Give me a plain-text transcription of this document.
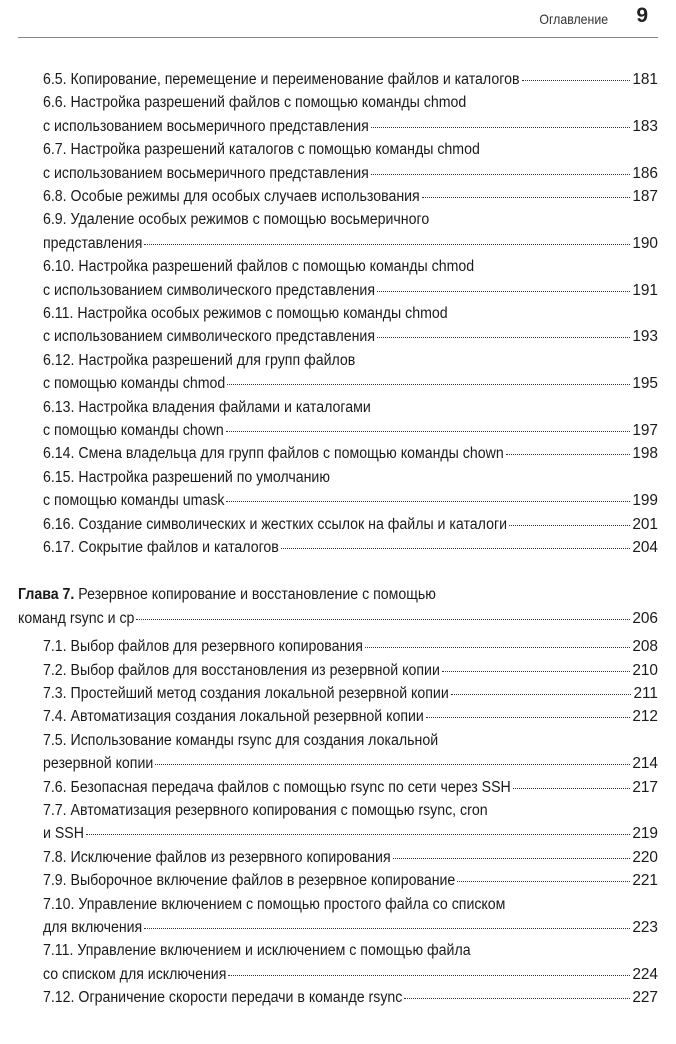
Оглавление 9
6.5. Копирование, перемещение и переименование файлов и каталогов	181
6.6. Настройка разрешений файлов с помощью команды chmod
с использованием восьмеричного представления	183
6.7. Настройка разрешений каталогов с помощью команды chmod
с использованием восьмеричного представления	186
6.8. Особые режимы для особых случаев использования	187
6.9. Удаление особых режимов с помощью восьмеричного
представления	190
6.10. Настройка разрешений файлов с помощью команды chmod
с использованием символического представления	191
6.11. Настройка особых режимов с помощью команды chmod
с использованием символического представления	193
6.12. Настройка разрешений для групп файлов
с помощью команды chmod	195
6.13. Настройка владения файлами и каталогами
с помощью команды chown	197
6.14. Смена владельца для групп файлов с помощью команды chown	198
6.15. Настройка разрешений по умолчанию
с помощью команды umask	199
6.16. Создание символических и жестких ссылок на файлы и каталоги	201
6.17. Сокрытие файлов и каталогов	204
Глава 7. Резервное копирование и восстановление с помощью
команд rsync и cp	206
7.1. Выбор файлов для резервного копирования	208
7.2. Выбор файлов для восстановления из резервной копии	210
7.3. Простейший метод создания локальной резервной копии	211
7.4. Автоматизация создания локальной резервной копии	212
7.5. Использование команды rsync для создания локальной
резервной копии	214
7.6. Безопасная передача файлов с помощью rsync по сети через SSH	217
7.7. Автоматизация резервного копирования с помощью rsync, cron
и SSH	219
7.8. Исключение файлов из резервного копирования	220
7.9. Выборочное включение файлов в резервное копирование	221
7.10. Управление включением с помощью простого файла со списком
для включения	223
7.11. Управление включением и исключением с помощью файла
со списком для исключения	224
7.12. Ограничение скорости передачи в команде rsync	227
